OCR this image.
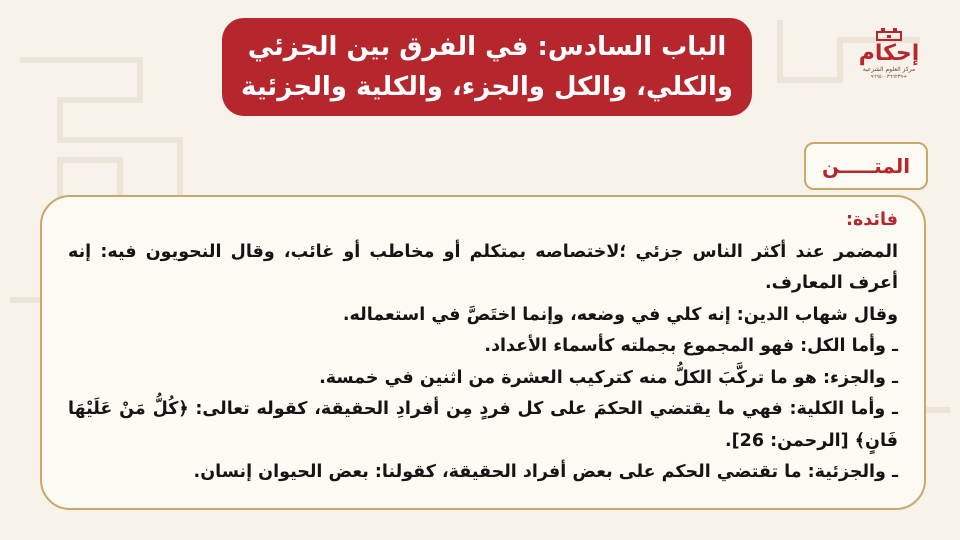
الباب السادس: في الفرق بين الجزئي
والكلي، والكل والجزء، والكلية والجزئية
إحكام
مركز العلوم الشرعية
+٩٦٦٥٠٠٣٦٦٢٣٩
المتـــــن

فائدة:

المضمر عند أكثر الناس جزئي ؛لاختصاصه بمتكلم أو مخاطب أو غائب، وقال النحويون فيه: إنه أعرف المعارف.

وقال شهاب الدين: إنه كلي في وضعه، وإنما اختَصَّ في استعماله.

ـ وأما الكل: فهو المجموع بجملته كأسماء الأعداد.

ـ والجزء: هو ما تركَّبَ الكلُّ منه كتركيب العشرة من اثنين في خمسة.

ـ وأما الكلية: فهي ما يقتضي الحكمَ على كل فردٍ مِن أفرادِ الحقيقة، كقوله تعالى: ﴿كُلُّ مَنْ عَلَيْهَا فَانٍ﴾ [الرحمن: 26].

ـ والجزئية: ما تقتضي الحكم على بعض أفراد الحقيقة، كقولنا: بعض الحيوان إنسان.
